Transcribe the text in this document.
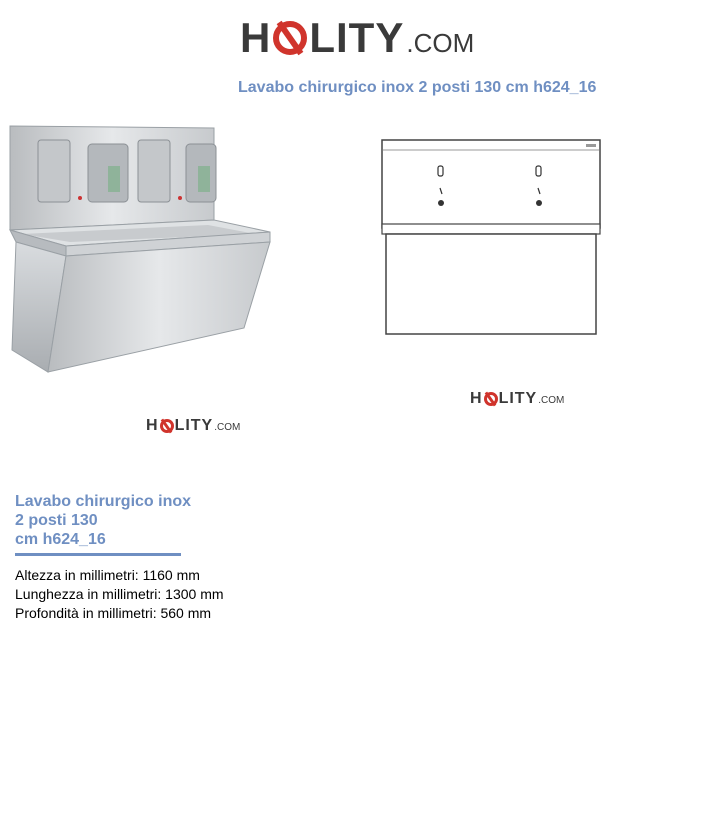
H LITY .COM
Lavabo chirurgico inox 2 posti 130 cm h624_16
H LITY .COM
H LITY .COM
Lavabo chirurgico inox
2 posti 130
cm h624_16
Altezza in millimetri: 1160 mm
Lunghezza in millimetri: 1300 mm
Profondità in millimetri: 560 mm
